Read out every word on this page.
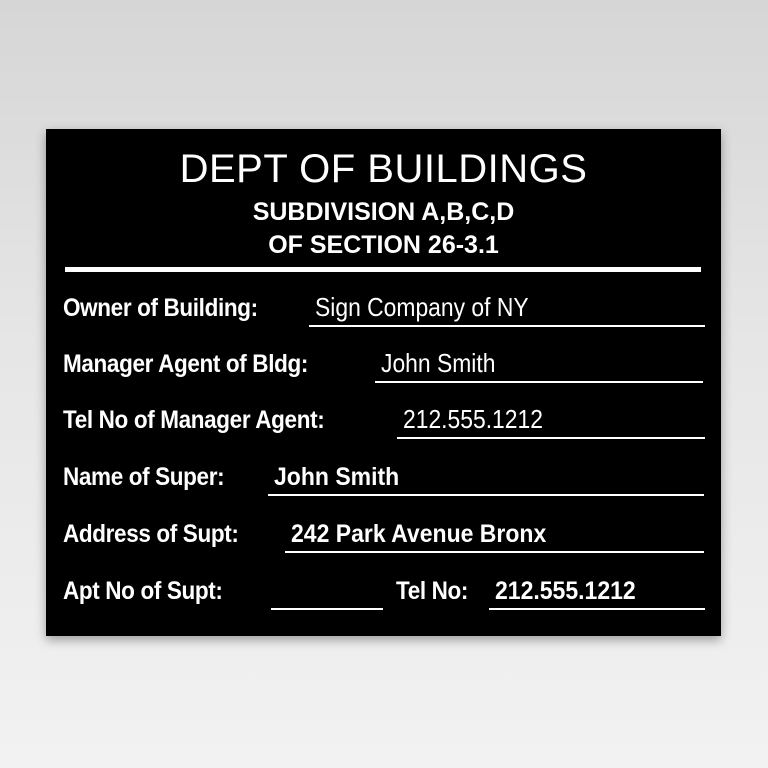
DEPT OF BUILDINGS
SUBDIVISION A,B,C,D
OF SECTION 26-3.1
Owner of Building: Sign Company of NY
Manager Agent of Bldg:	John Smith
Tel No of Manager Agent:	212.555.1212
Name of Super: John Smith
Address of Supt: 242 Park Avenue Bronx
Apt No of Supt:	Tel No: 212.555.1212
